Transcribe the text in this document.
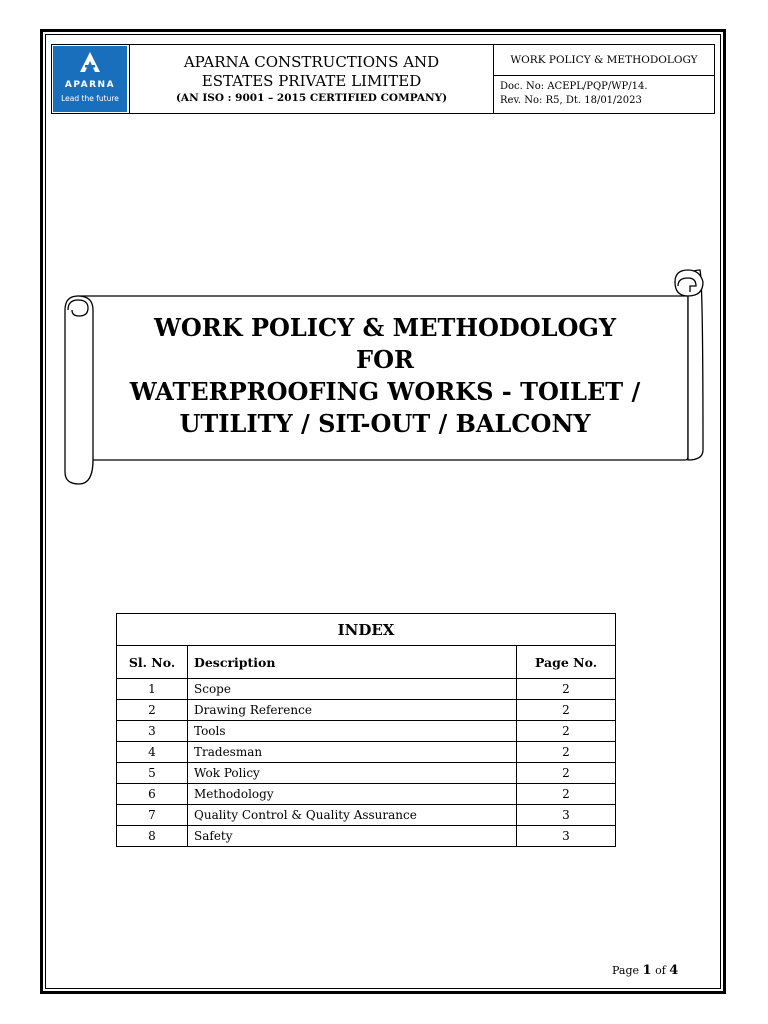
APARNA
Lead the future
APARNA CONSTRUCTIONS AND
ESTATES PRIVATE LIMITED
(AN ISO : 9001 – 2015 CERTIFIED COMPANY)
WORK POLICY & METHODOLOGY
Doc. No: ACEPL/PQP/WP/14.
Rev. No: R5, Dt. 18/01/2023
WORK POLICY & METHODOLOGY
FOR
WATERPROOFING WORKS - TOILET /
UTILITY / SIT-OUT / BALCONY
INDEX		
Sl. No.	Description	Page No.
1	Scope	2
2	Drawing Reference	2
3	Tools	2
4	Tradesman	2
5	Wok Policy	2
6	Methodology	2
7	Quality Control & Quality Assurance	3
8	Safety	3
Page 1 of 4
